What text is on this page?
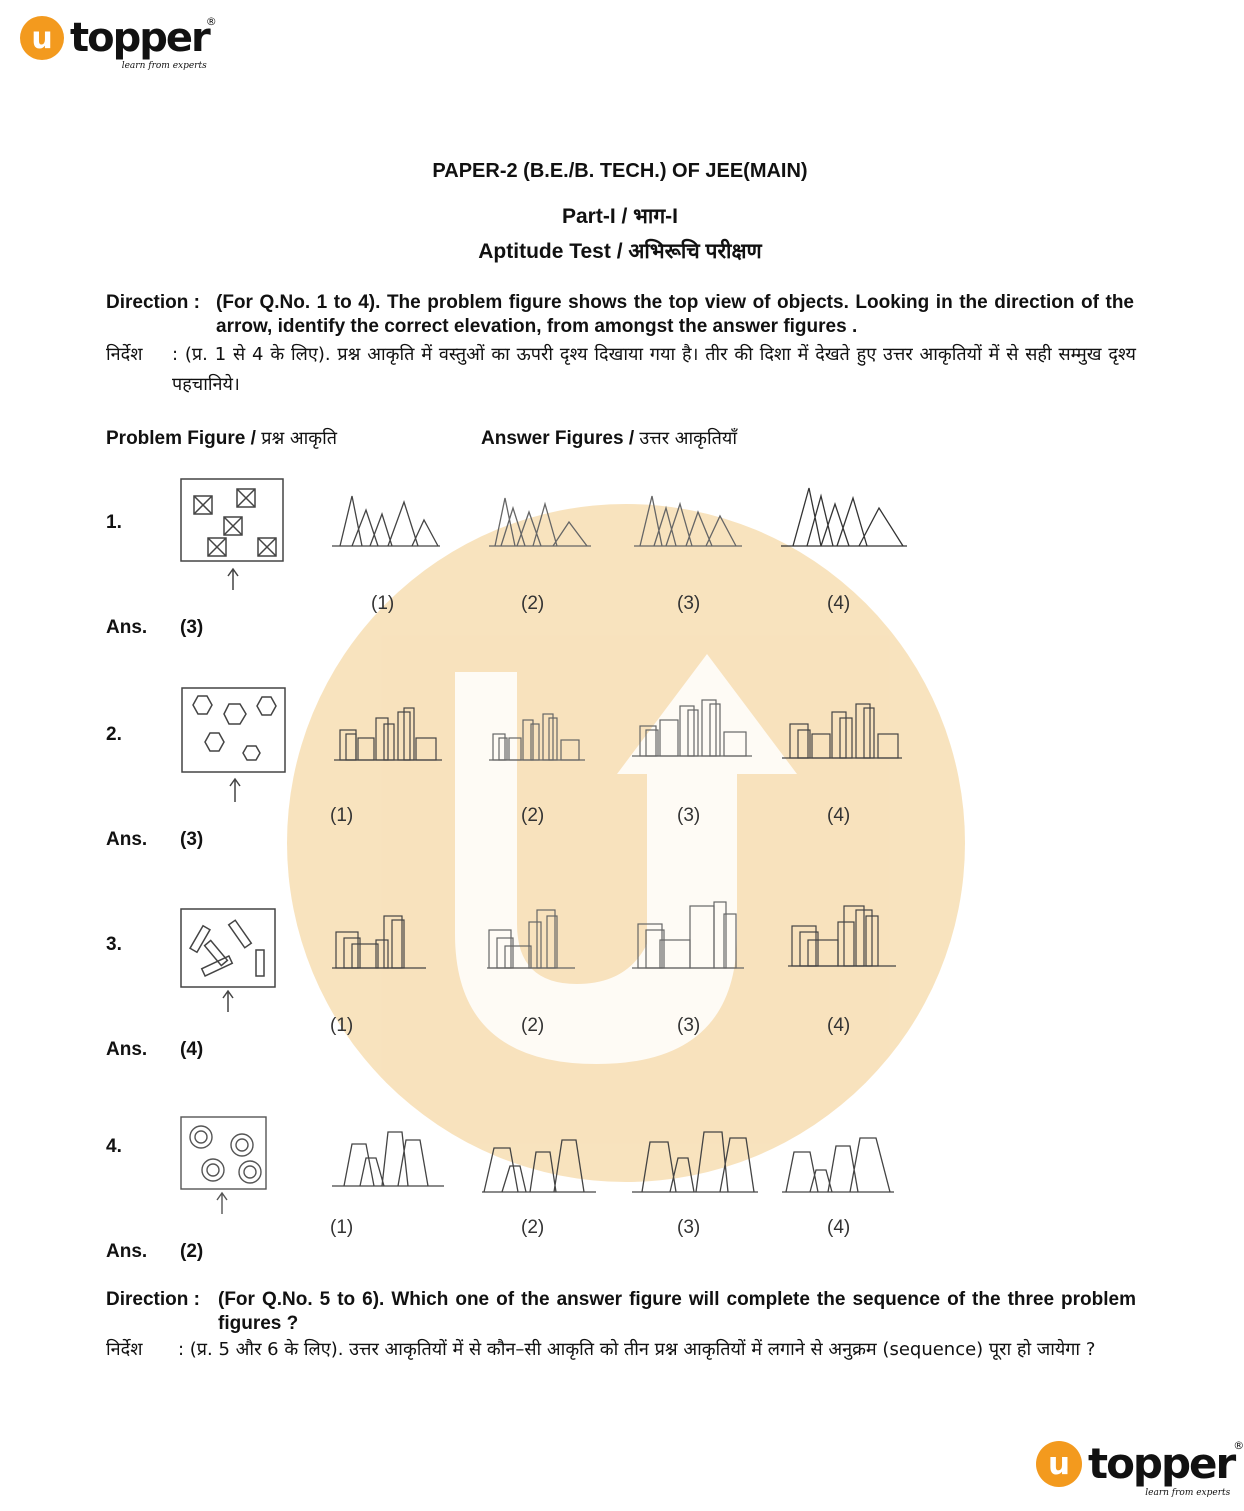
u topper
®
learn from experts
PAPER-2 (B.E./B. TECH.) OF JEE(MAIN)
Part-I / भाग-I
Aptitude Test / अभिरूचि परीक्षण
Direction : (For Q.No. 1 to 4). The problem figure shows the top view of objects. Looking in the direction of the arrow, identify the correct elevation, from amongst the answer figures .
निर्देश : (प्र. 1 से 4 के लिए). प्रश्न आकृति में वस्तुओं का ऊपरी दृश्य दिखाया गया है। तीर की दिशा में देखते हुए उत्तर आकृतियों में से सही सम्मुख दृश्य पहचानिये।
Problem Figure / प्रश्न आकृति	Answer Figures / उत्तर आकृतियाँ
1.
(1)	(2)	(3)	(4)
Ans. (3)
2.
(1)	(2)	(3)	(4)
Ans. (3)
3.
(1)	(2)	(3)	(4)
Ans. (4)
4.
(1)	(2)	(3)	(4)
Ans. (2)
Direction : (For Q.No. 5 to 6). Which one of the answer figure will complete the sequence of the three problem figures ?
निर्देश : (प्र. 5 और 6 के लिए). उत्तर आकृतियों में से कौन–सी आकृति को तीन प्रश्न आकृतियों में लगाने से अनुक्रम (sequence) पूरा हो जायेगा ?
u topper ®
learn from experts
